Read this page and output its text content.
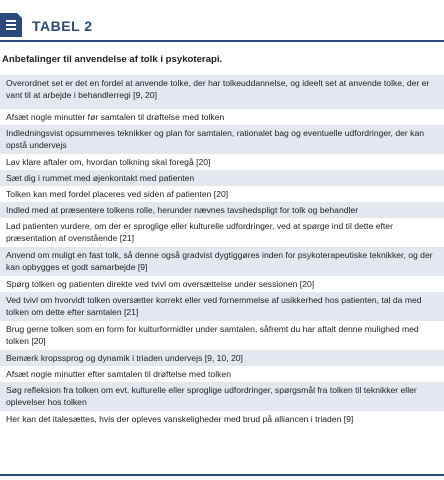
TABEL 2
Anbefalinger til anvendelse af tolk i psykoterapi.
Overordnet set er det en fordel at anvende tolke, der har tolkeuddannelse, og ideelt set at anvende tolke, der er vant til at arbejde i behandlerregi [9, 20]
Afsæt nogle minutter før samtalen til drøftelse med tolken
Indledningsvist opsummeres teknikker og plan for samtalen, rationalet bag og eventuelle udfordringer, der kan opstå undervejs
Lav klare aftaler om, hvordan tolkning skal foregå [20]
Sæt dig i rummet med øjenkontakt med patienten
Tolken kan med fordel placeres ved siden af patienten [20]
Indled med at præsentere tolkens rolle, herunder nævnes tavshedspligt for tolk og behandler
Lad patienten vurdere, om der er sproglige eller kulturelle udfordringer, ved at spørge ind til dette efter præsentation af ovenstående [21]
Anvend om muligt en fast tolk, så denne også gradvist dygtiggøres inden for psykoterapeutiske teknikker, og der kan opbygges et godt samarbejde [9]
Spørg tolken og patienten direkte ved tvivl om oversættelse under sessionen [20]
Ved tvivl om hvorvidt tolken oversætter korrekt eller ved fornemmelse af usikkerhed hos patienten, tal da med tolken om dette efter samtalen [21]
Brug gerne tolken som en form for kulturformidler under samtalen, såfremt du har aftalt denne mulighed med tolken [20]
Bemærk kropssprog og dynamik i triaden undervejs [9, 10, 20]
Afsæt nogle minutter efter samtalen til drøftelse med tolken
Søg refleksion fra tolken om evt. kulturelle eller sproglige udfordringer, spørgsmål fra tolken til teknikker eller oplevelser hos tolken
Her kan det italesættes, hvis der opleves vanskeligheder med brud på alliancen i triaden [9]
